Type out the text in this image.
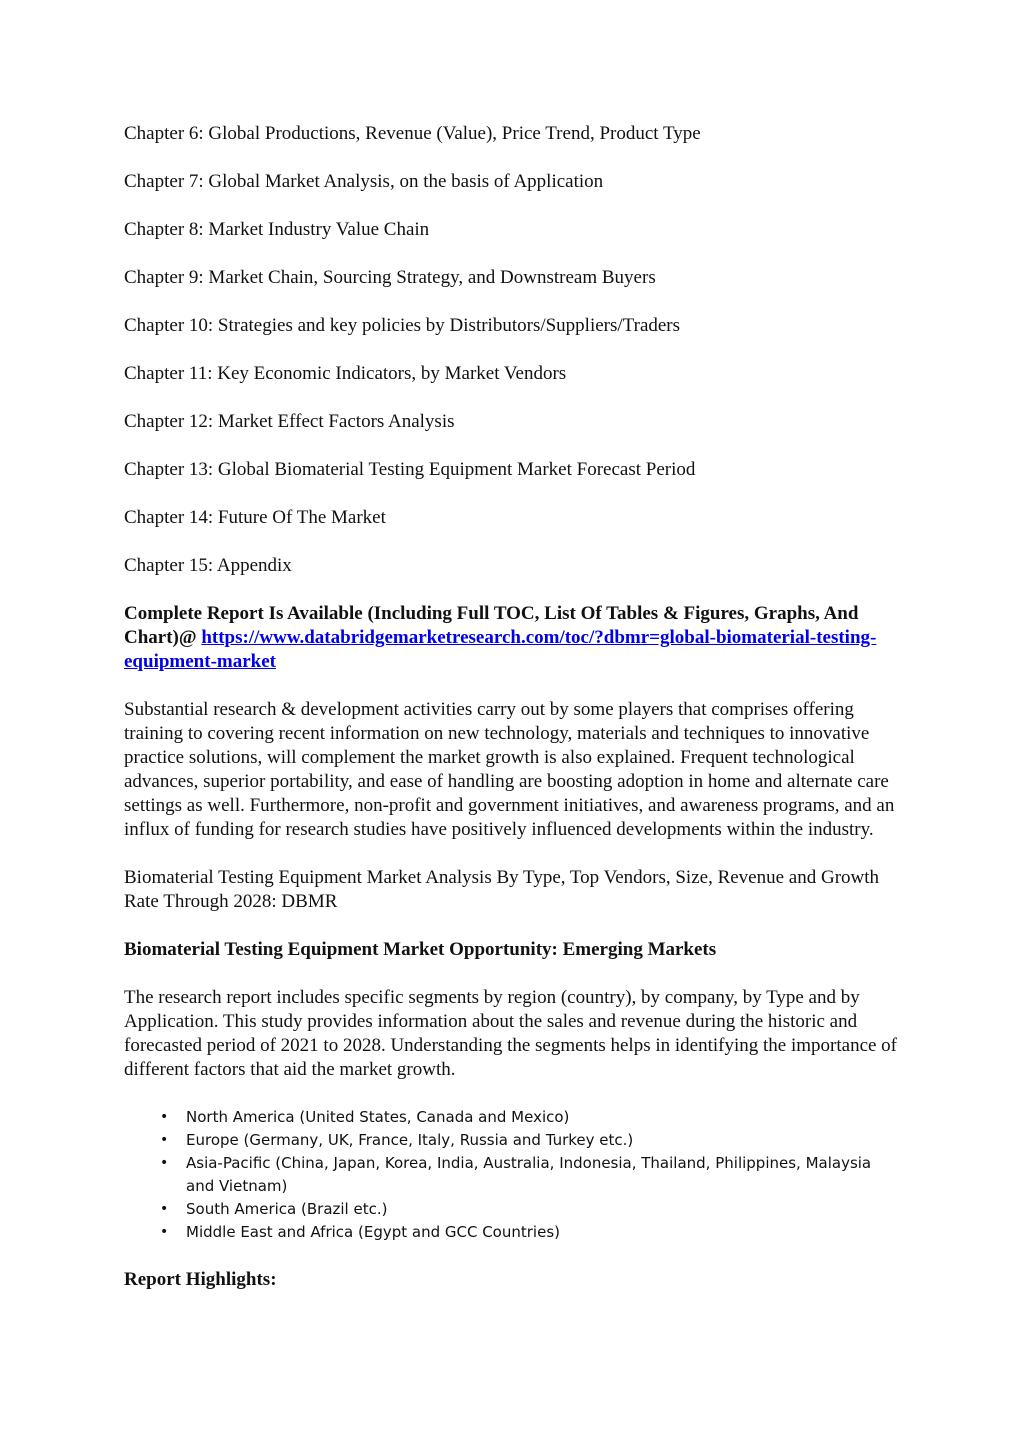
Chapter 6: Global Productions, Revenue (Value), Price Trend, Product Type

Chapter 7: Global Market Analysis, on the basis of Application

Chapter 8: Market Industry Value Chain

Chapter 9: Market Chain, Sourcing Strategy, and Downstream Buyers

Chapter 10: Strategies and key policies by Distributors/Suppliers/Traders

Chapter 11: Key Economic Indicators, by Market Vendors

Chapter 12: Market Effect Factors Analysis

Chapter 13: Global Biomaterial Testing Equipment Market Forecast Period

Chapter 14: Future Of The Market

Chapter 15: Appendix

Complete Report Is Available (Including Full TOC, List Of Tables & Figures, Graphs, And Chart)@ https://www.databridgemarketresearch.com/toc/?dbmr=global-biomaterial-testing-equipment-market

Substantial research & development activities carry out by some players that comprises offering training to covering recent information on new technology, materials and techniques to innovative practice solutions, will complement the market growth is also explained. Frequent technological advances, superior portability, and ease of handling are boosting adoption in home and alternate care settings as well. Furthermore, non-profit and government initiatives, and awareness programs, and an influx of funding for research studies have positively influenced developments within the industry.

Biomaterial Testing Equipment Market Analysis By Type, Top Vendors, Size, Revenue and Growth Rate Through 2028: DBMR

Biomaterial Testing Equipment Market Opportunity: Emerging Markets

The research report includes specific segments by region (country), by company, by Type and by Application. This study provides information about the sales and revenue during the historic and forecasted period of 2021 to 2028. Understanding the segments helps in identifying the importance of different factors that aid the market growth.

• North America (United States, Canada and Mexico)
• Europe (Germany, UK, France, Italy, Russia and Turkey etc.)
• Asia-Pacific (China, Japan, Korea, India, Australia, Indonesia, Thailand, Philippines, Malaysia and Vietnam)
• South America (Brazil etc.)
• Middle East and Africa (Egypt and GCC Countries)

Report Highlights:
